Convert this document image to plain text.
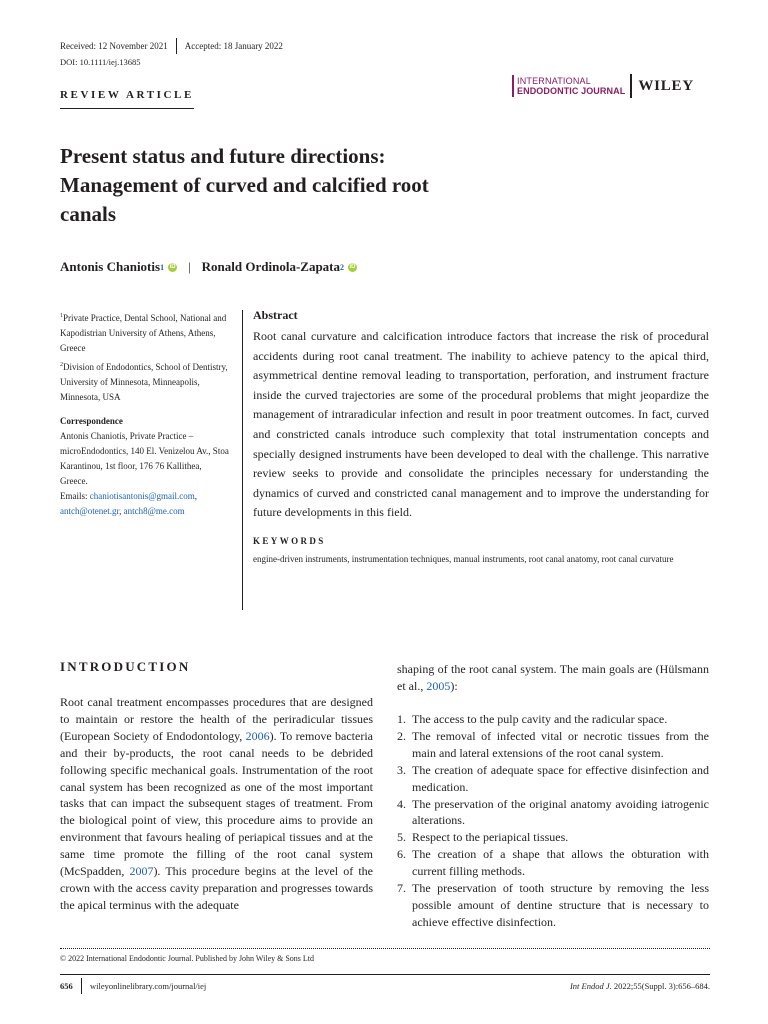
Received: 12 November 2021 Accepted: 18 January 2022
DOI: 10.1111/iej.13685
REVIEW ARTICLE
INTERNATIONAL
ENDODONTIC JOURNAL WILEY
Present status and future directions:
Management of curved and calcified root
canals
Antonis Chaniotis 1 iD | Ronald Ordinola-Zapata 2 iD

$^1$Private Practice, Dental School, National and Kapodistrian University of Athens, Athens, Greece

$^2$Division of Endodontics, School of Dentistry, University of Minnesota, Minneapolis, Minnesota, USA

Correspondence
Antonis Chaniotis, Private Practice –microEndodontics, 140 El. Venizelou Av., Stoa Karantinou, 1st floor, 176 76 Kallithea, Greece.
Emails: chaniotisantonis@gmail.com,
antch@otenet.gr, antch8@me.com
Abstract
Root canal curvature and calcification introduce factors that increase the risk of procedural accidents during root canal treatment. The inability to achieve patency to the apical third, asymmetrical dentine removal leading to transportation, perforation, and instrument fracture inside the curved trajectories are some of the procedural problems that might jeopardize the management of intraradicular infection and result in poor treatment outcomes. In fact, curved and constricted canals introduce such complexity that total instrumentation concepts and specially designed instruments have been developed to deal with the challenge. This narrative review seeks to provide and consolidate the principles necessary for understanding the dynamics of curved and constricted canal management and to improve the understanding for future developments in this field.
KEYWORDS
engine-driven instruments, instrumentation techniques, manual instruments, root canal anatomy, root canal curvature
INTRODUCTION
Root canal treatment encompasses procedures that are designed to maintain or restore the health of the periradicular tissues (European Society of Endodontology, 2006). To remove bacteria and their by-products, the root canal needs to be debrided following specific mechanical goals. Instrumentation of the root canal system has been recognized as one of the most important tasks that can impact the subsequent stages of treatment. From the biological point of view, this procedure aims to provide an environment that favours healing of periapical tissues and at the same time promote the filling of the root canal system (McSpadden, 2007). This procedure begins at the level of the crown with the access cavity preparation and progresses towards the apical terminus with the adequate
shaping of the root canal system. The main goals are (Hülsmann et al., 2005):
1. The access to the pulp cavity and the radicular space.
2. The removal of infected vital or necrotic tissues from the main and lateral extensions of the root canal system.
3. The creation of adequate space for effective disinfection and medication.
4. The preservation of the original anatomy avoiding iatrogenic alterations.
5. Respect to the periapical tissues.
6. The creation of a shape that allows the obturation with current filling methods.
7. The preservation of tooth structure by removing the less possible amount of dentine structure that is necessary to achieve effective disinfection.
© 2022 International Endodontic Journal. Published by John Wiley & Sons Ltd
656 wileyonlinelibrary.com/journal/iej	Int Endod J. 2022;55(Suppl. 3):656–684.
